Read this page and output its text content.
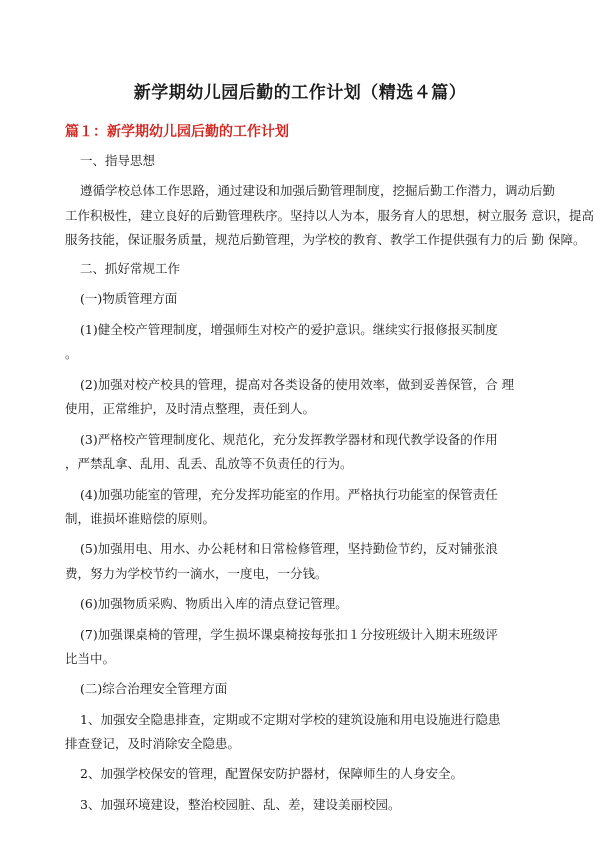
新学期幼儿园后勤的工作计划（精选４篇）
篇１：新学期幼儿园后勤的工作计划
一、指导思想
遵循学校总体工作思路，通过建设和加强后勤管理制度，挖掘后勤工作潜力，调动后勤
工作积极性，建立良好的后勤管理秩序。坚持以人为本，服务育人的思想，树立服务 意识，提高
服务技能，保证服务质量，规范后勤管理，为学校的教育、教学工作提供强有力的后 勤 保障。
二、抓好常规工作
(一)物质管理方面
(1)健全校产管理制度，增强师生对校产的爱护意识。继续实行报修报买制度
。
(2)加强对校产校具的管理，提高对各类设备的使用效率，做到妥善保管，合 理
使用，正常维护，及时清点整理，责任到人。
(3)严格校产管理制度化、规范化，充分发挥教学器材和现代教学设备的作用
，严禁乱拿、乱用、乱丢、乱放等不负责任的行为。
(4)加强功能室的管理，充分发挥功能室的作用。严格执行功能室的保管责任
制，谁损坏谁赔偿的原则。
(5)加强用电、用水、办公耗材和日常检修管理，坚持勤俭节约，反对铺张浪
费，努力为学校节约一滴水，一度电，一分钱。
(6)加强物质采购、物质出入库的清点登记管理。
(7)加强课桌椅的管理，学生损坏课桌椅按每张扣１分按班级计入期末班级评
比当中。
(二)综合治理安全管理方面
1、加强安全隐患排查，定期或不定期对学校的建筑设施和用电设施进行隐患
排查登记，及时消除安全隐患。
2、加强学校保安的管理，配置保安防护器材，保障师生的人身安全。
3、加强环境建设，整治校园脏、乱、差，建设美丽校园。
